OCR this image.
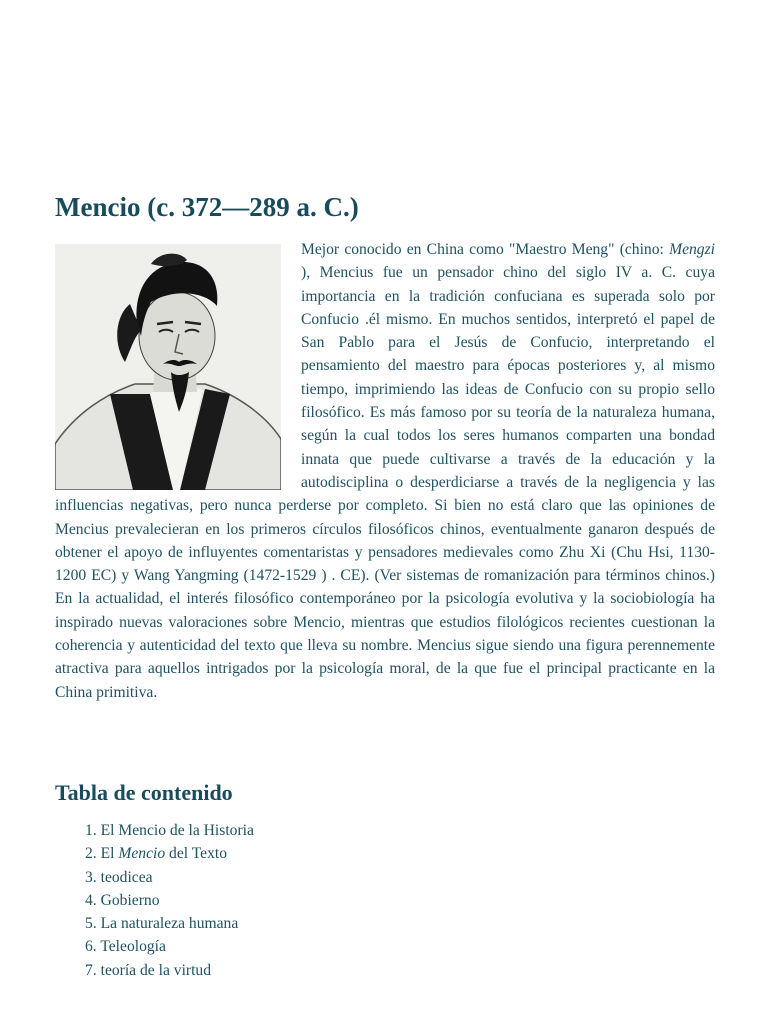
Mencio (c. 372—289 a. C.)

Mejor conocido en China como "Maestro Meng" (chino: Mengzi ), Mencius fue un pensador chino del siglo IV a. C. cuya importancia en la tradición confuciana es superada solo por Confucio .él mismo. En muchos sentidos, interpretó el papel de San Pablo para el Jesús de Confucio, interpretando el pensamiento del maestro para épocas posteriores y, al mismo tiempo, imprimiendo las ideas de Confucio con su propio sello filosófico. Es más famoso por su teoría de la naturaleza humana, según la cual todos los seres humanos comparten una bondad innata que puede cultivarse a través de la educación y la autodisciplina o desperdiciarse a través de la negligencia y las influencias negativas, pero nunca perderse por completo. Si bien no está claro que las opiniones de Mencius prevalecieran en los primeros círculos filosóficos chinos, eventualmente ganaron después de obtener el apoyo de influyentes comentaristas y pensadores medievales como Zhu Xi (Chu Hsi, 1130-1200 EC) y Wang Yangming (1472-1529 ) . CE). (Ver sistemas de romanización para términos chinos.) En la actualidad, el interés filosófico contemporáneo por la psicología evolutiva y la sociobiología ha inspirado nuevas valoraciones sobre Mencio, mientras que estudios filológicos recientes cuestionan la coherencia y autenticidad del texto que lleva su nombre. Mencius sigue siendo una figura perennemente atractiva para aquellos intrigados por la psicología moral, de la que fue el principal practicante en la China primitiva.

Tabla de contenido
1. El Mencio de la Historia
2. El Mencio del Texto
3. teodicea
4. Gobierno
5. La naturaleza humana
6. Teleología
7. teoría de la virtud
